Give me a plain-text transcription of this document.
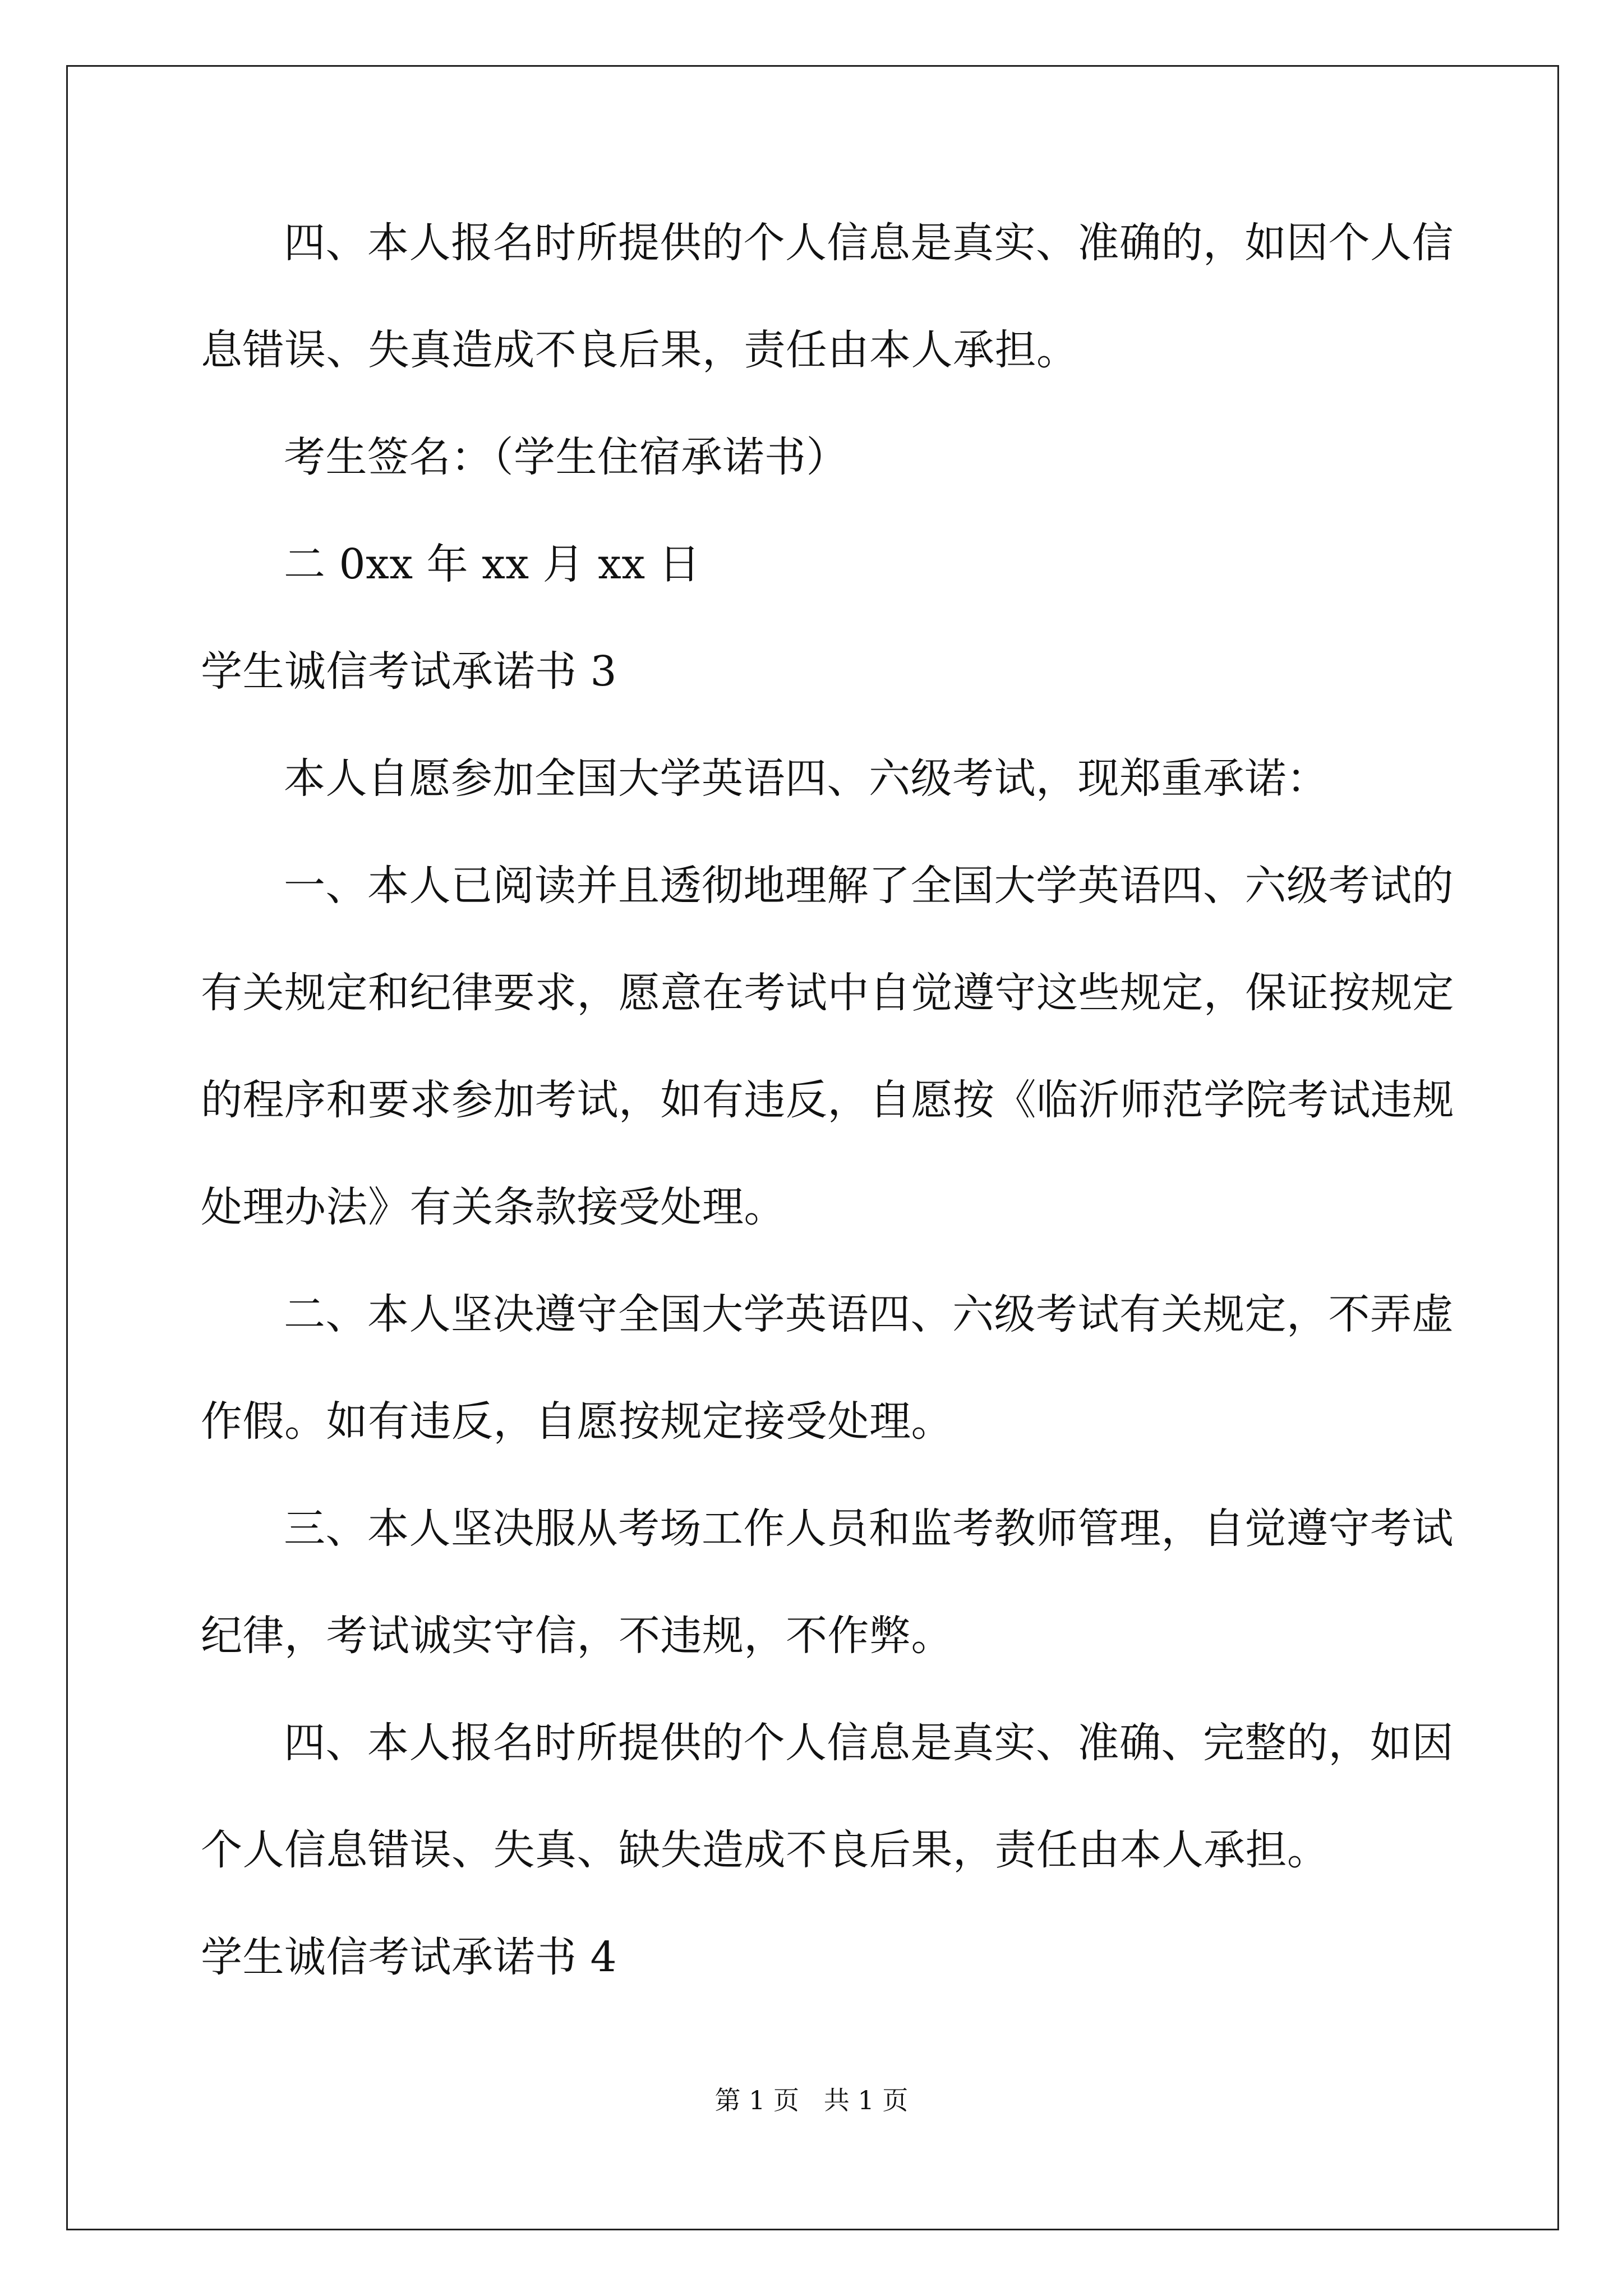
四、本人报名时所提供的个人信息是真实、准确的，如因个人信
息错误、失真造成不良后果，责任由本人承担。
考生签名：（学生住宿承诺书）
二 0xx 年 xx 月 xx 日
学生诚信考试承诺书 3
本人自愿参加全国大学英语四、六级考试，现郑重承诺：
一、本人已阅读并且透彻地理解了全国大学英语四、六级考试的
有关规定和纪律要求，愿意在考试中自觉遵守这些规定，保证按规定
的程序和要求参加考试，如有违反，自愿按《临沂师范学院考试违规
处理办法》有关条款接受处理。
二、本人坚决遵守全国大学英语四、六级考试有关规定，不弄虚
作假。如有违反，自愿按规定接受处理。
三、本人坚决服从考场工作人员和监考教师管理，自觉遵守考试
纪律，考试诚实守信，不违规，不作弊。
四、本人报名时所提供的个人信息是真实、准确、完整的，如因
个人信息错误、失真、缺失造成不良后果，责任由本人承担。
学生诚信考试承诺书 4
第 1 页   共 1 页
